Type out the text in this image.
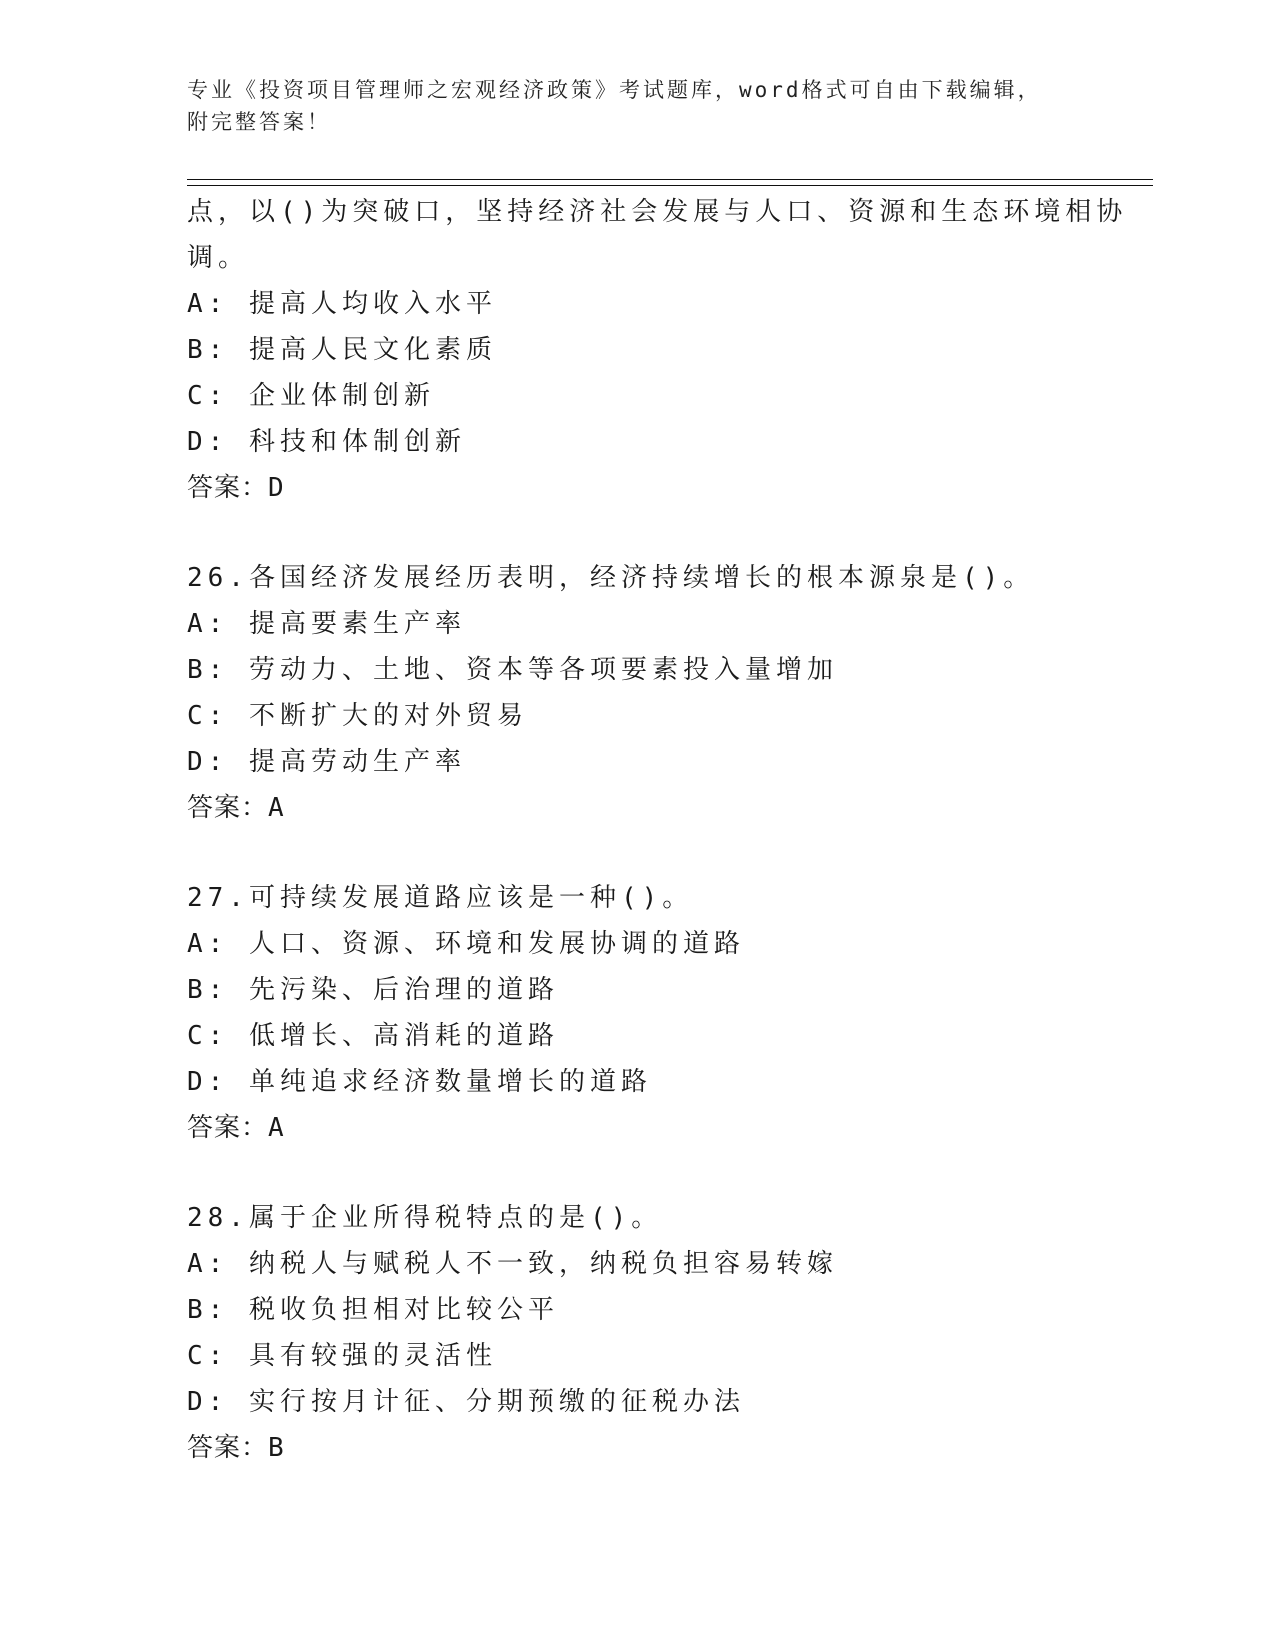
专业《投资项目管理师之宏观经济政策》考试题库，word格式可自由下载编辑，
附完整答案！
点，以()为突破口，坚持经济社会发展与人口、资源和生态环境相协
调。
A: 提高人均收入水平
B: 提高人民文化素质
C: 企业体制创新
D: 科技和体制创新
答案：D
26.各国经济发展经历表明，经济持续增长的根本源泉是()。
A: 提高要素生产率
B: 劳动力、土地、资本等各项要素投入量增加
C: 不断扩大的对外贸易
D: 提高劳动生产率
答案：A
27.可持续发展道路应该是一种()。
A: 人口、资源、环境和发展协调的道路
B: 先污染、后治理的道路
C: 低增长、高消耗的道路
D: 单纯追求经济数量增长的道路
答案：A
28.属于企业所得税特点的是()。
A: 纳税人与赋税人不一致，纳税负担容易转嫁
B: 税收负担相对比较公平
C: 具有较强的灵活性
D: 实行按月计征、分期预缴的征税办法
答案：B
